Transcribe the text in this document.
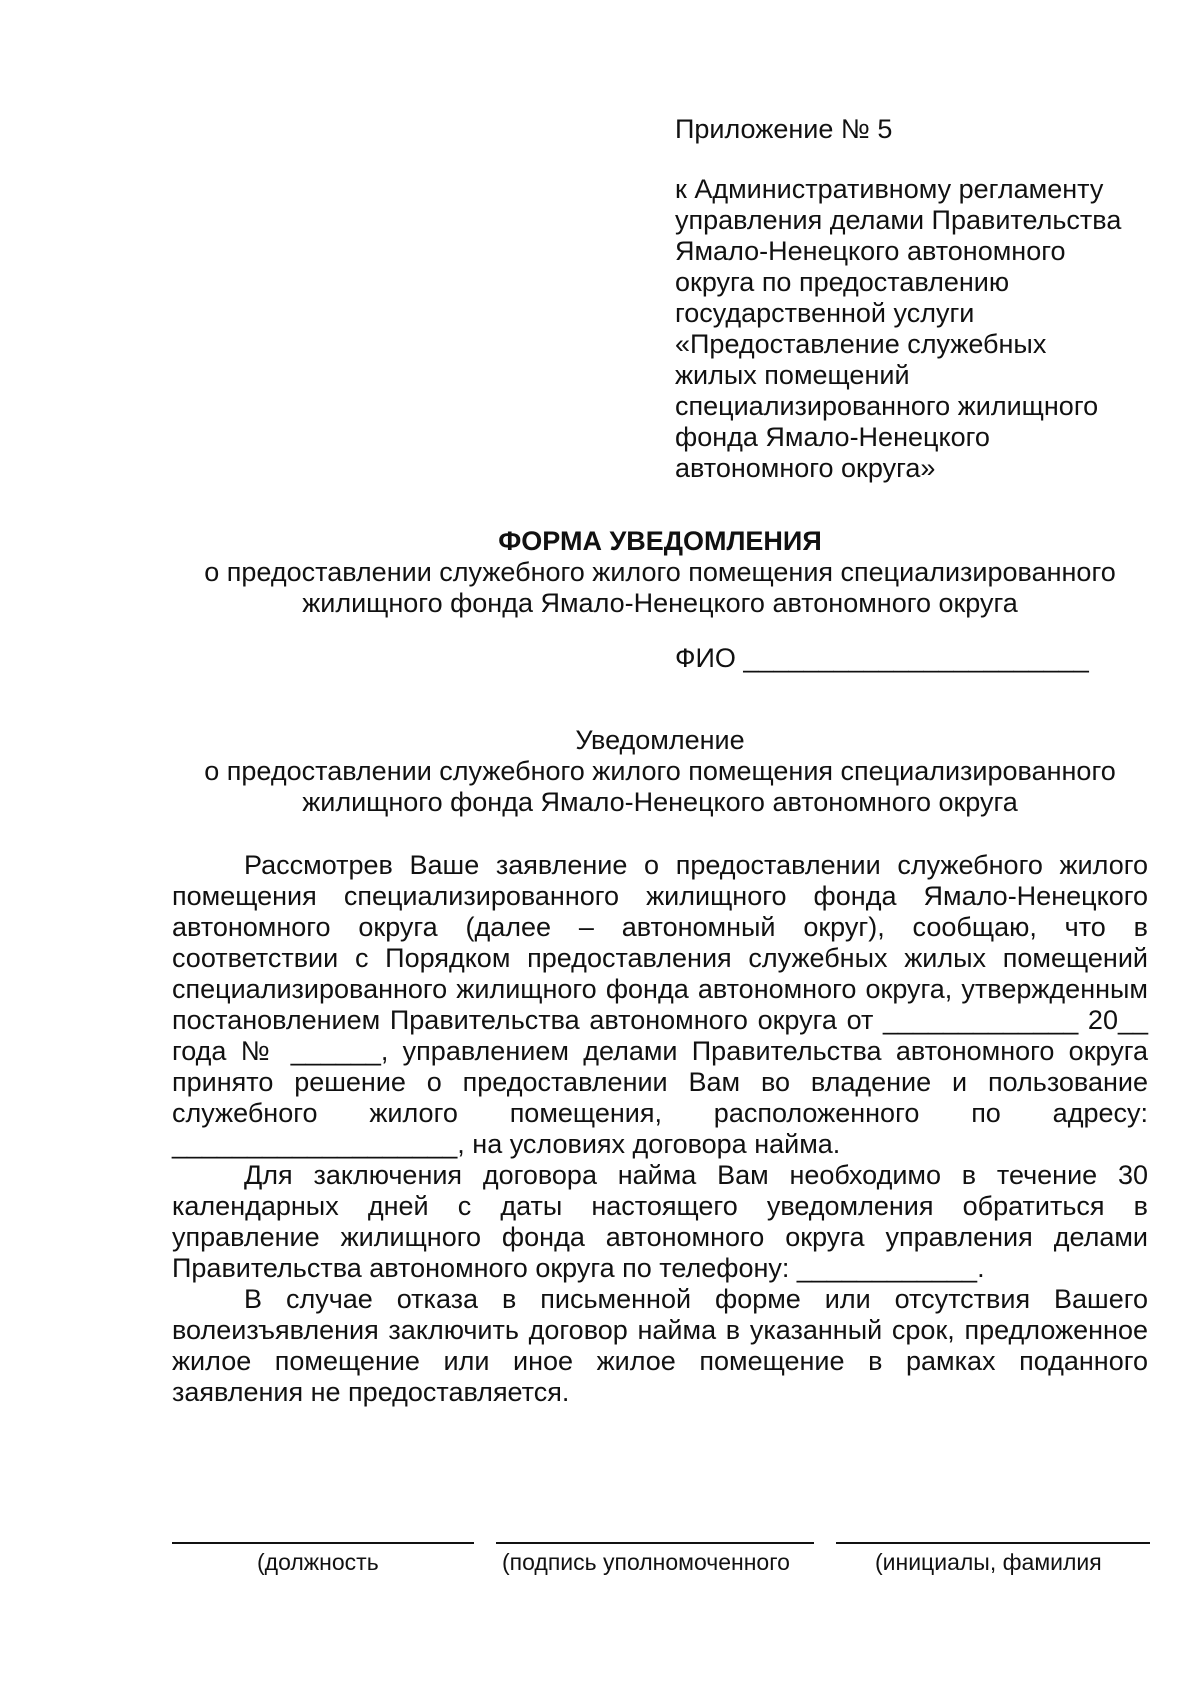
Приложение № 5

к Административному регламенту
управления делами Правительства
Ямало-Ненецкого автономного
округа по предоставлению
государственной услуги
«Предоставление служебных
жилых помещений
специализированного жилищного
фонда Ямало-Ненецкого
автономного округа»

ФОРМА УВЕДОМЛЕНИЯ
о предоставлении служебного жилого помещения специализированного жилищного фонда Ямало-Ненецкого автономного округа
ФИО _______________________
Уведомление
о предоставлении служебного жилого помещения специализированного жилищного фонда Ямало-Ненецкого автономного округа

Рассмотрев Ваше заявление о предоставлении служебного жилого помещения специализированного жилищного фонда Ямало-Ненецкого автономного округа (далее – автономный округ), сообщаю, что в соответствии с Порядком предоставления служебных жилых помещений специализированного жилищного фонда автономного округа, утвержденным постановлением Правительства автономного округа от _____________ 20__ года № ______, управлением делами Правительства автономного округа принято решение о предоставлении Вам во владение и пользование служебного жилого помещения, расположенного по адресу: ___________________, на условиях договора найма.

Для заключения договора найма Вам необходимо в течение 30 календарных дней с даты настоящего уведомления обратиться в управление жилищного фонда автономного округа управления делами Правительства автономного округа по телефону: ____________.

В случае отказа в письменной форме или отсутствия Вашего волеизъявления заключить договор найма в указанный срок, предложенное жилое помещение или иное жилое помещение в рамках поданного заявления не предоставляется.

(должность	(подпись уполномоченного	(инициалы, фамилия
